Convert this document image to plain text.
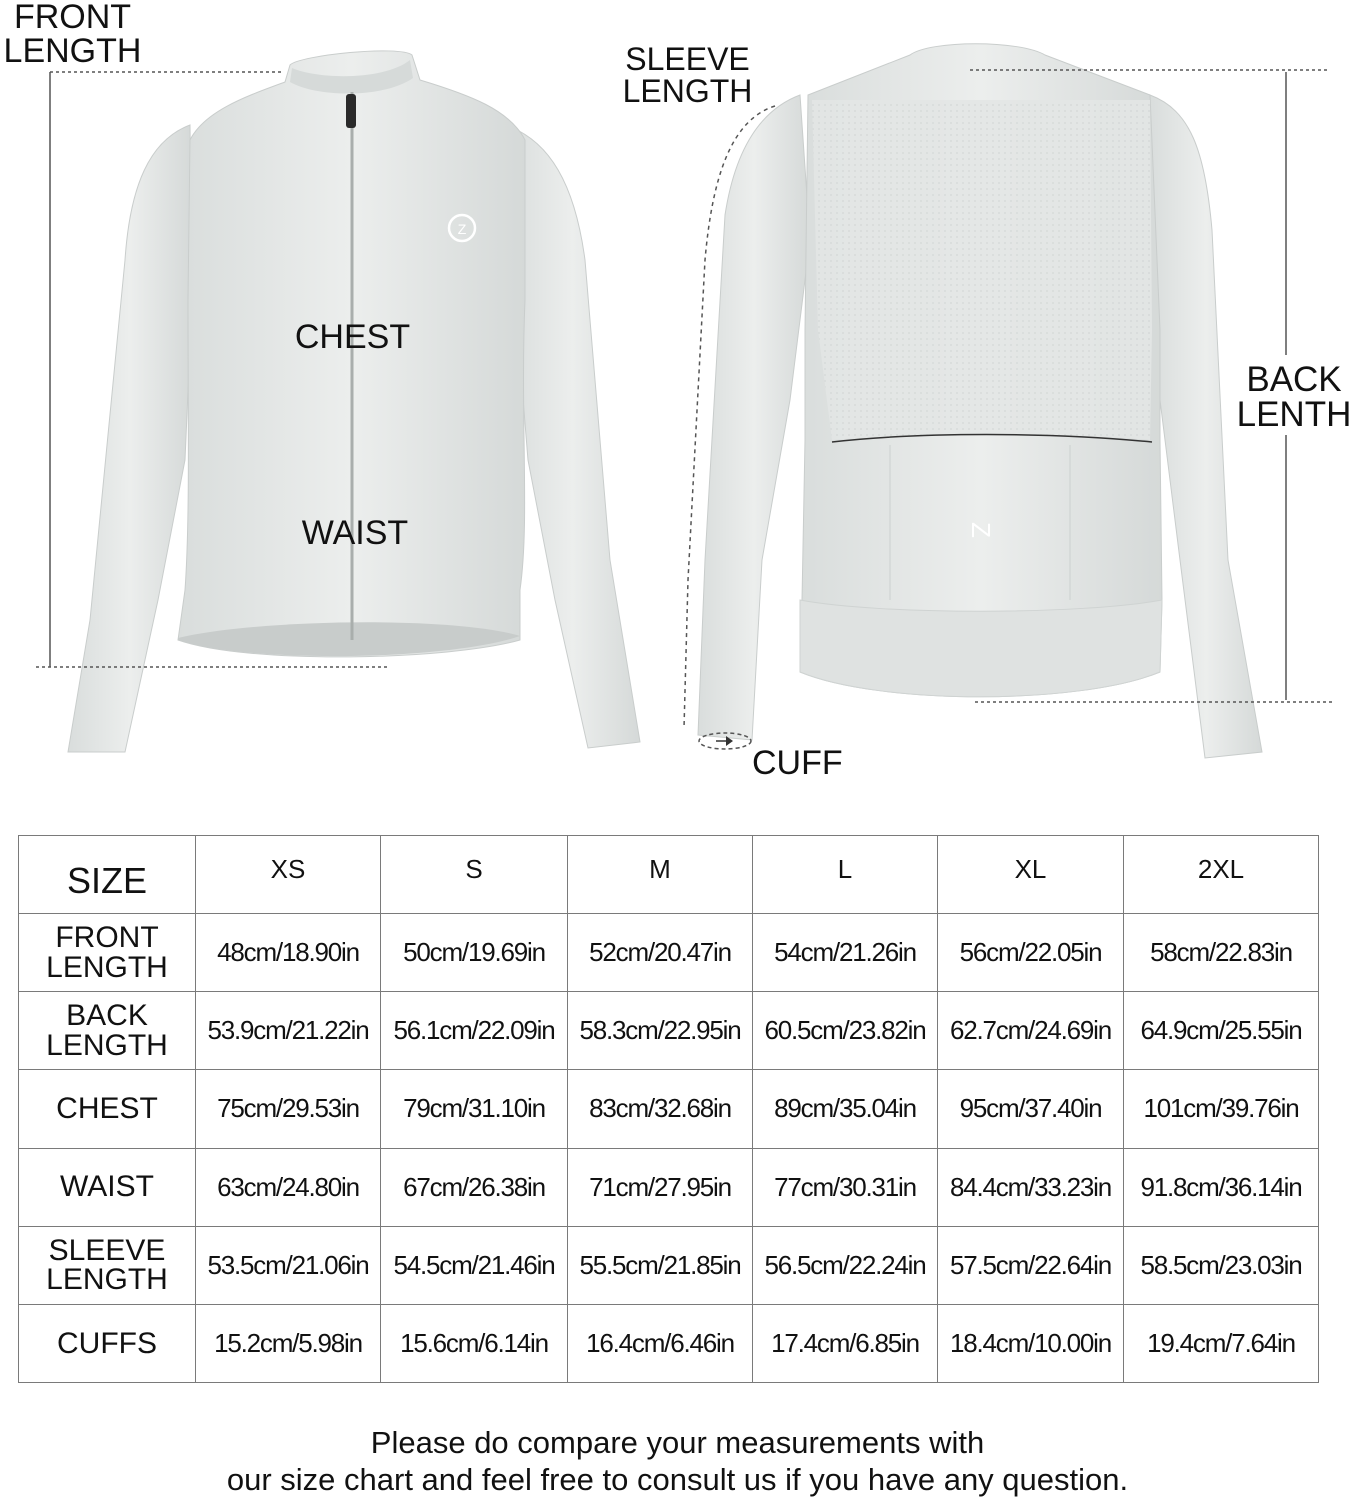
Z
Z
FRONT
LENGTH	SLEEVE
LENGTH
CHEST
WAIST
BACK
LENTH
CUFF
SIZE	XS	S	M	L	XL	2XL

FRONT
LENGTH	48cm/18.90in	50cm/19.69in	52cm/20.47in	54cm/21.26in	56cm/22.05in	58cm/22.83in

BACK
LENGTH	53.9cm/21.22in	56.1cm/22.09in	58.3cm/22.95in	60.5cm/23.82in	62.7cm/24.69in	64.9cm/25.55in

CHEST	75cm/29.53in	79cm/31.10in	83cm/32.68in	89cm/35.04in	95cm/37.40in	101cm/39.76in

WAIST	63cm/24.80in	67cm/26.38in	71cm/27.95in	77cm/30.31in	84.4cm/33.23in	91.8cm/36.14in

SLEEVE
LENGTH	53.5cm/21.06in	54.5cm/21.46in	55.5cm/21.85in	56.5cm/22.24in	57.5cm/22.64in	58.5cm/23.03in

CUFFS	15.2cm/5.98in	15.6cm/6.14in	16.4cm/6.46in	17.4cm/6.85in	18.4cm/10.00in	19.4cm/7.64in
Please do compare your measurements with
our size chart and feel free to consult us if you have any question.
